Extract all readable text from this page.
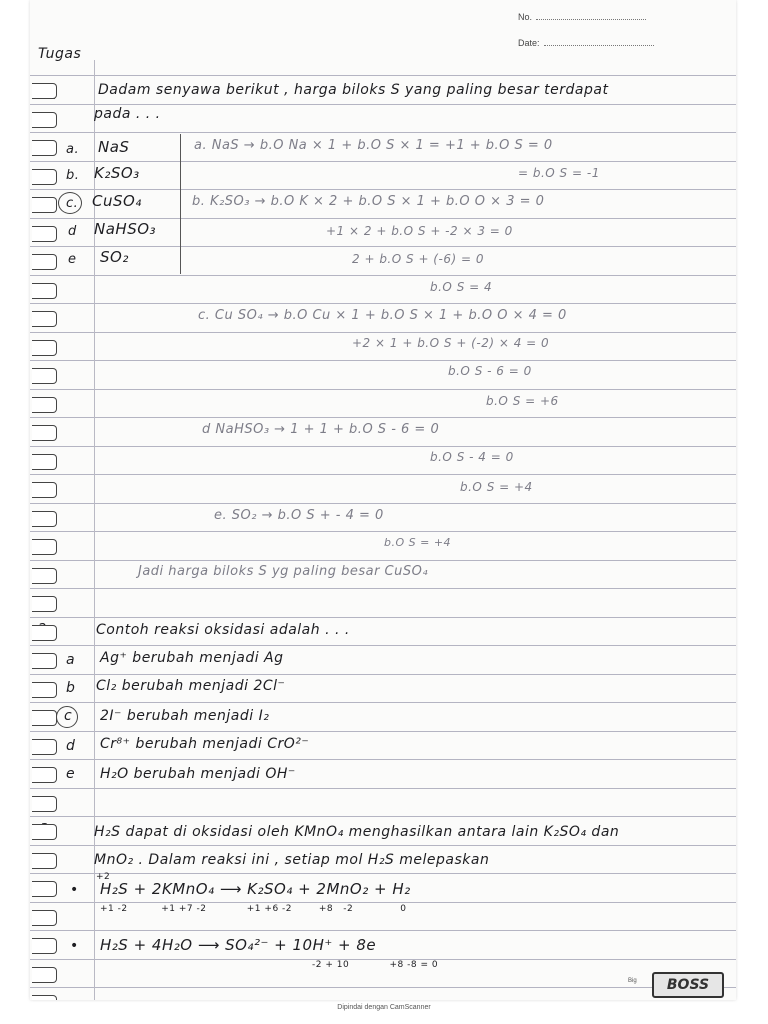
No.
Date:
Tugas
Dadam senyawa berikut , harga biloks S yang paling besar terdapat
pada . . .
a. NaS
b. K₂SO₃
c. CuSO₄
d NaHSO₃
e SO₂
a. NaS → b.O Na × 1 + b.O S × 1 = +1 + b.O S = 0
= b.O S = -1
b. K₂SO₃ → b.O K × 2 + b.O S × 1 + b.O O × 3 = 0
+1 × 2 + b.O S + -2 × 3 = 0
2 + b.O S + (-6) = 0
b.O S = 4
c. Cu SO₄ → b.O Cu × 1 + b.O S × 1 + b.O O × 4 = 0
+2 × 1 + b.O S + (-2) × 4 = 0
b.O S - 6 = 0
b.O S = +6
d NaHSO₃ → 1 + 1 + b.O S - 6 = 0
b.O S - 4 = 0
b.O S = +4
e. SO₂ → b.O S + - 4 = 0
b.O S = +4
Jadi harga biloks S yg paling besar CuSO₄
Contoh reaksi oksidasi adalah . . .
a Ag⁺ berubah menjadi Ag
b Cl₂ berubah menjadi 2Cl⁻
c 2I⁻ berubah menjadi I₂
d Cr⁸⁺ berubah menjadi CrO²⁻
e H₂O berubah menjadi OH⁻
H₂S dapat di oksidasi oleh KMnO₄ menghasilkan antara lain K₂SO₄ dan
MnO₂ . Dalam reaksi ini , setiap mol H₂S melepaskan
•
+2
H₂S + 2KMnO₄ ⟶ K₂SO₄ + 2MnO₂ + H₂
+1 -2          +1 +7 -2            +1 +6 -2        +8   -2              0
• H₂S + 4H₂O ⟶ SO₄²⁻ + 10H⁺ + 8e
-2 + 10            +8 -8 = 0
Big	BOSS
Dipindai dengan CamScanner
